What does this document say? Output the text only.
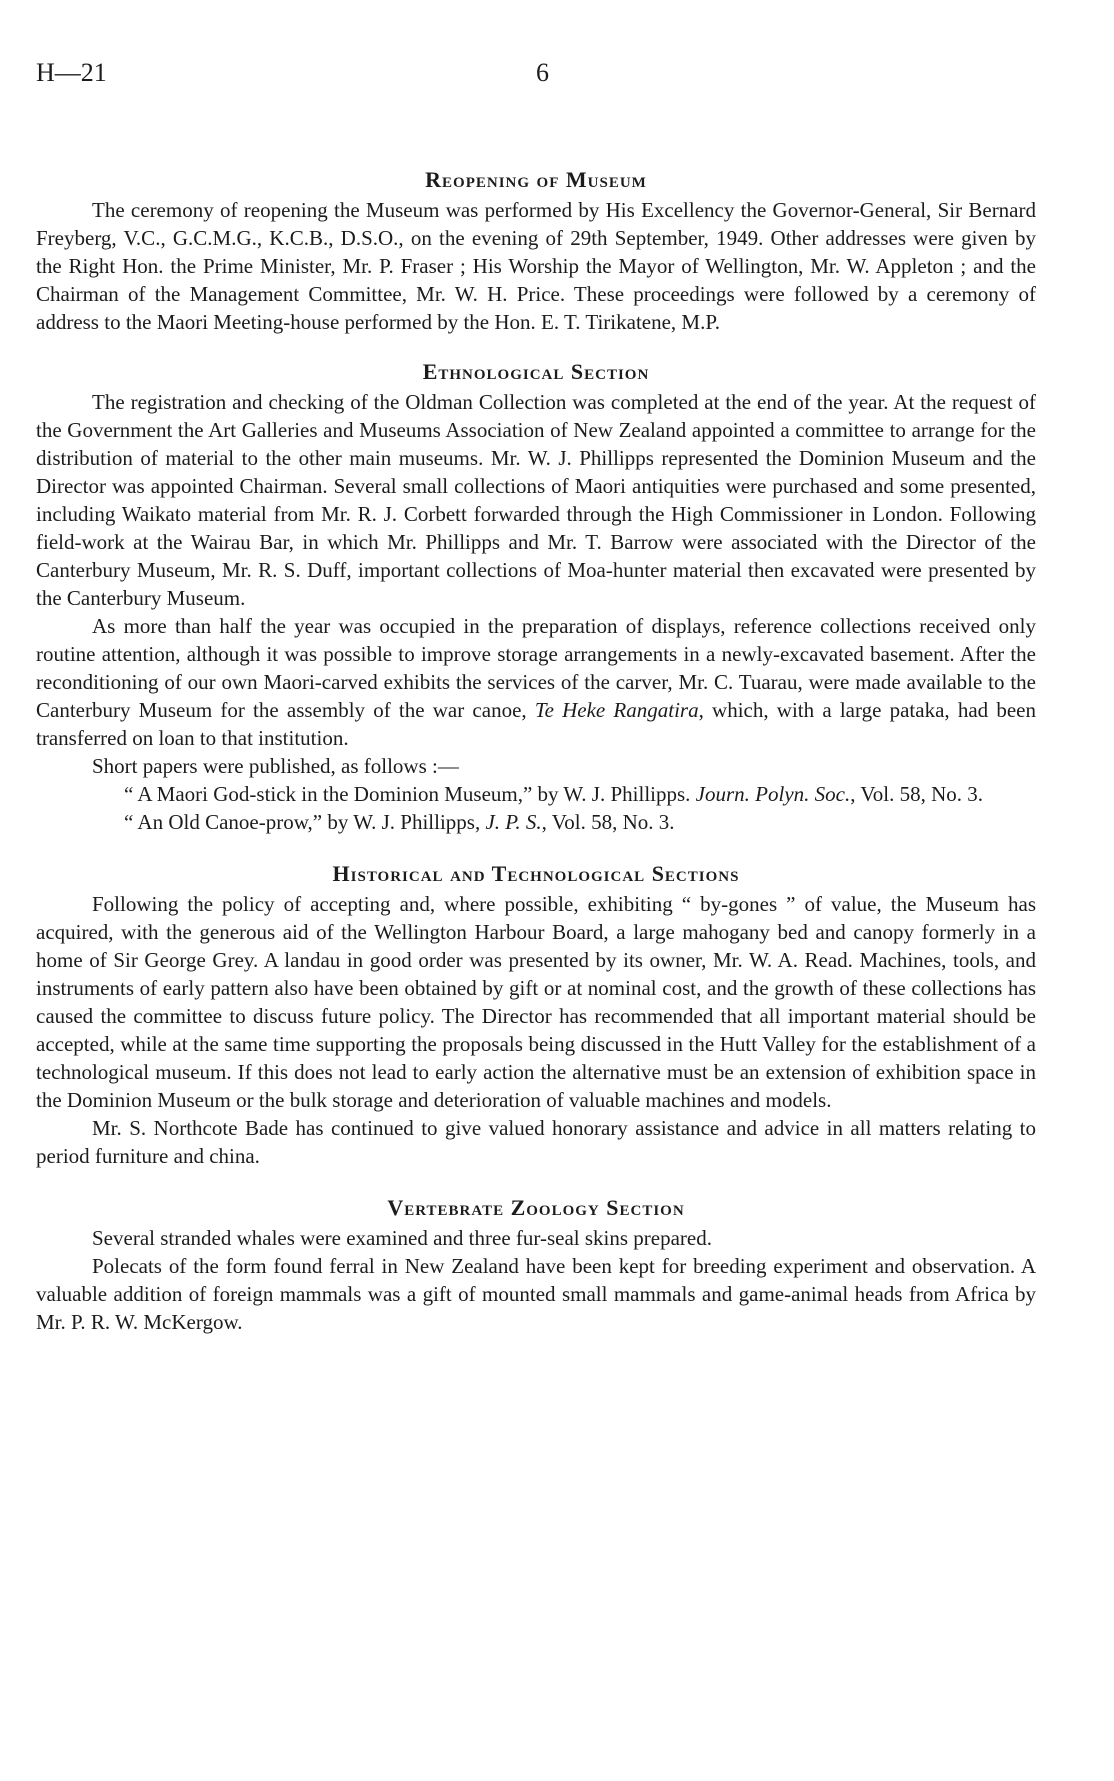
H—21	6
Reopening of Museum

The ceremony of reopening the Museum was performed by His Excellency the Governor-General, Sir Bernard Freyberg, V.C., G.C.M.G., K.C.B., D.S.O., on the evening of 29th September, 1949. Other addresses were given by the Right Hon. the Prime Minister, Mr. P. Fraser ; His Worship the Mayor of Wellington, Mr. W. Appleton ; and the Chairman of the Management Committee, Mr. W. H. Price. These proceedings were followed by a ceremony of address to the Maori Meeting-house performed by the Hon. E. T. Tirikatene, M.P.

Ethnological Section

The registration and checking of the Oldman Collection was completed at the end of the year. At the request of the Government the Art Galleries and Museums Association of New Zealand appointed a committee to arrange for the distribution of material to the other main museums. Mr. W. J. Phillipps represented the Dominion Museum and the Director was appointed Chairman. Several small collections of Maori antiquities were purchased and some presented, including Waikato material from Mr. R. J. Corbett forwarded through the High Commissioner in London. Following field-work at the Wairau Bar, in which Mr. Phillipps and Mr. T. Barrow were associated with the Director of the Canterbury Museum, Mr. R. S. Duff, important collections of Moa-hunter material then excavated were presented by the Canterbury Museum.

As more than half the year was occupied in the preparation of displays, reference collections received only routine attention, although it was possible to improve storage arrangements in a newly-excavated basement. After the reconditioning of our own Maori-carved exhibits the services of the carver, Mr. C. Tuarau, were made available to the Canterbury Museum for the assembly of the war canoe, Te Heke Rangatira, which, with a large pataka, had been transferred on loan to that institution.

Short papers were published, as follows :—

“ A Maori God-stick in the Dominion Museum,” by W. J. Phillipps. Journ. Polyn. Soc., Vol. 58, No. 3.

“ An Old Canoe-prow,” by W. J. Phillipps, J. P. S., Vol. 58, No. 3.

Historical and Technological Sections

Following the policy of accepting and, where possible, exhibiting “ by-gones ” of value, the Museum has acquired, with the generous aid of the Wellington Harbour Board, a large mahogany bed and canopy formerly in a home of Sir George Grey. A landau in good order was presented by its owner, Mr. W. A. Read. Machines, tools, and instruments of early pattern also have been obtained by gift or at nominal cost, and the growth of these collections has caused the committee to discuss future policy. The Director has recommended that all important material should be accepted, while at the same time supporting the proposals being discussed in the Hutt Valley for the establishment of a technological museum. If this does not lead to early action the alternative must be an extension of exhibition space in the Dominion Museum or the bulk storage and deterioration of valuable machines and models.

Mr. S. Northcote Bade has continued to give valued honorary assistance and advice in all matters relating to period furniture and china.

Vertebrate Zoology Section

Several stranded whales were examined and three fur-seal skins prepared.

Polecats of the form found ferral in New Zealand have been kept for breeding experiment and observation. A valuable addition of foreign mammals was a gift of mounted small mammals and game-animal heads from Africa by Mr. P. R. W. McKergow.
